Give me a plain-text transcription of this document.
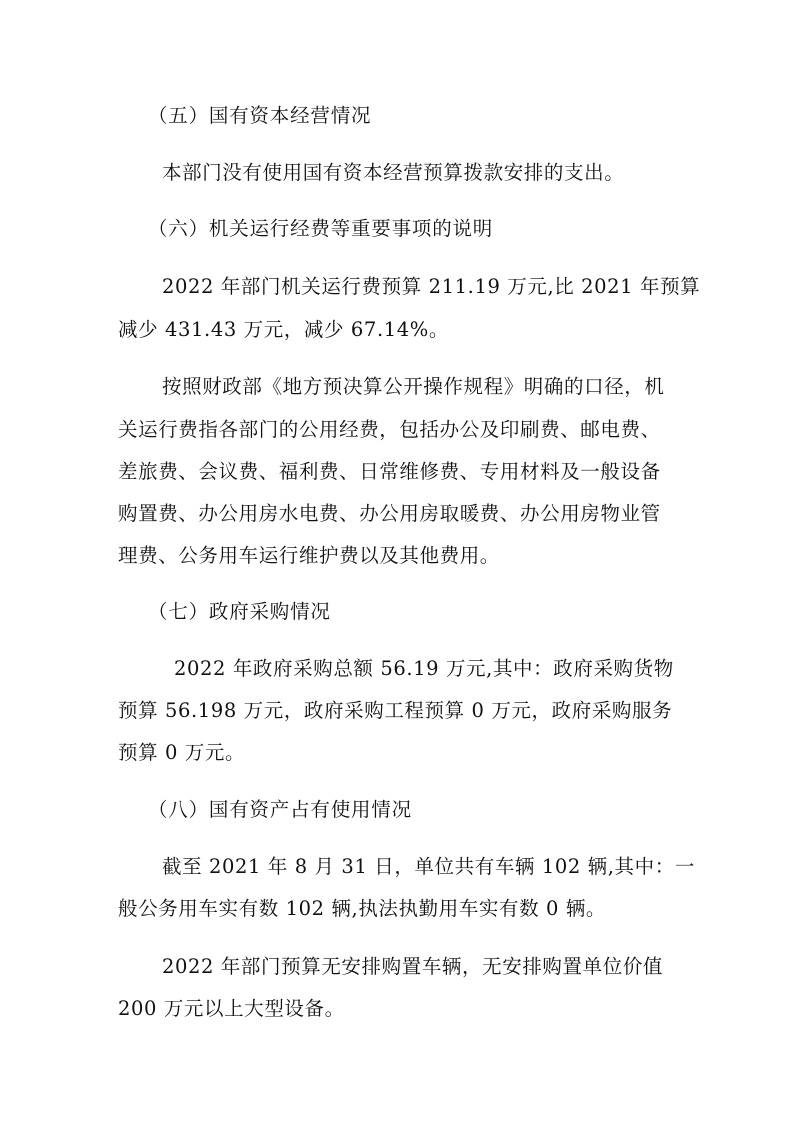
（五）国有资本经营情况
本部门没有使用国有资本经营预算拨款安排的支出。
（六）机关运行经费等重要事项的说明
2022 年部门机关运行费预算 211.19 万元,比 2021 年预算
减少 431.43 万元，减少 67.14%。
按照财政部《地方预决算公开操作规程》明确的口径，机
关运行费指各部门的公用经费，包括办公及印刷费、邮电费、
差旅费、会议费、福利费、日常维修费、专用材料及一般设备
购置费、办公用房水电费、办公用房取暖费、办公用房物业管
理费、公务用车运行维护费以及其他费用。
（七）政府采购情况
2022 年政府采购总额 56.19 万元,其中：政府采购货物
预算 56.198 万元，政府采购工程预算 0 万元，政府采购服务
预算 0 万元。
（八）国有资产占有使用情况
截至 2021 年 8 月 31 日，单位共有车辆 102 辆,其中：一
般公务用车实有数 102 辆,执法执勤用车实有数 0 辆。
2022 年部门预算无安排购置车辆，无安排购置单位价值
200 万元以上大型设备。
